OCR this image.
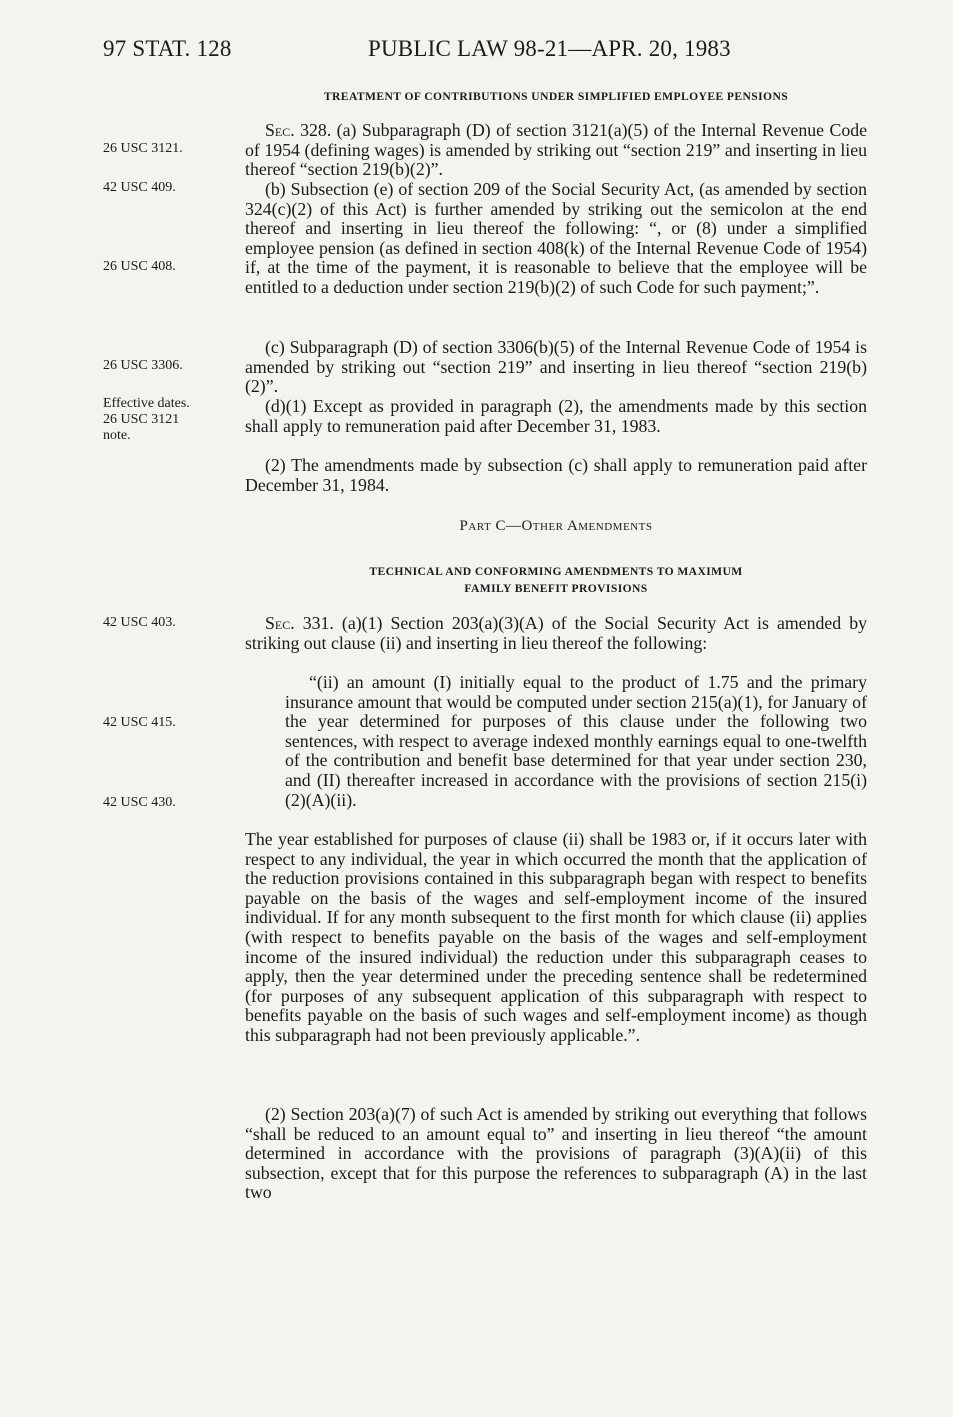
97 STAT. 128	PUBLIC LAW 98-21—APR. 20, 1983
TREATMENT OF CONTRIBUTIONS UNDER SIMPLIFIED EMPLOYEE PENSIONS
26 USC 3121.
42 USC 409.
26 USC 408.
26 USC 3306.
Effective dates.
26 USC 3121
note.
42 USC 403.
42 USC 415.
42 USC 430.

Sec. 328. (a) Subparagraph (D) of section 3121(a)(5) of the Internal Revenue Code of 1954 (defining wages) is amended by striking out “section 219” and inserting in lieu thereof “section 219(b)(2)”.

(b) Subsection (e) of section 209 of the Social Security Act, (as amended by section 324(c)(2) of this Act) is further amended by striking out the semicolon at the end thereof and inserting in lieu thereof the following: “, or (8) under a simplified employee pension (as defined in section 408(k) of the Internal Revenue Code of 1954) if, at the time of the payment, it is reasonable to believe that the employee will be entitled to a deduction under section 219(b)(2) of such Code for such payment;”.

(c) Subparagraph (D) of section 3306(b)(5) of the Internal Revenue Code of 1954 is amended by striking out “section 219” and inserting in lieu thereof “section 219(b)(2)”.

(d)(1) Except as provided in paragraph (2), the amendments made by this section shall apply to remuneration paid after December 31, 1983.

(2) The amendments made by subsection (c) shall apply to remuneration paid after December 31, 1984.

Part C—Other Amendments
TECHNICAL AND CONFORMING AMENDMENTS TO MAXIMUM
FAMILY BENEFIT PROVISIONS

Sec. 331. (a)(1) Section 203(a)(3)(A) of the Social Security Act is amended by striking out clause (ii) and inserting in lieu thereof the following:

“(ii) an amount (I) initially equal to the product of 1.75 and the primary insurance amount that would be computed under section 215(a)(1), for January of the year determined for purposes of this clause under the following two sentences, with respect to average indexed monthly earnings equal to one-twelfth of the contribution and benefit base determined for that year under section 230, and (II) thereafter increased in accordance with the provisions of section 215(i)(2)(A)(ii).

The year established for purposes of clause (ii) shall be 1983 or, if it occurs later with respect to any individual, the year in which occurred the month that the application of the reduction provisions contained in this subparagraph began with respect to benefits payable on the basis of the wages and self-employment income of the insured individual. If for any month subsequent to the first month for which clause (ii) applies (with respect to benefits payable on the basis of the wages and self-employment income of the insured individual) the reduction under this subparagraph ceases to apply, then the year determined under the preceding sentence shall be redetermined (for purposes of any subsequent application of this subparagraph with respect to benefits payable on the basis of such wages and self-employment income) as though this subparagraph had not been previously applicable.”.

(2) Section 203(a)(7) of such Act is amended by striking out everything that follows “shall be reduced to an amount equal to” and inserting in lieu thereof “the amount determined in accordance with the provisions of paragraph (3)(A)(ii) of this subsection, except that for this purpose the references to subparagraph (A) in the last two
